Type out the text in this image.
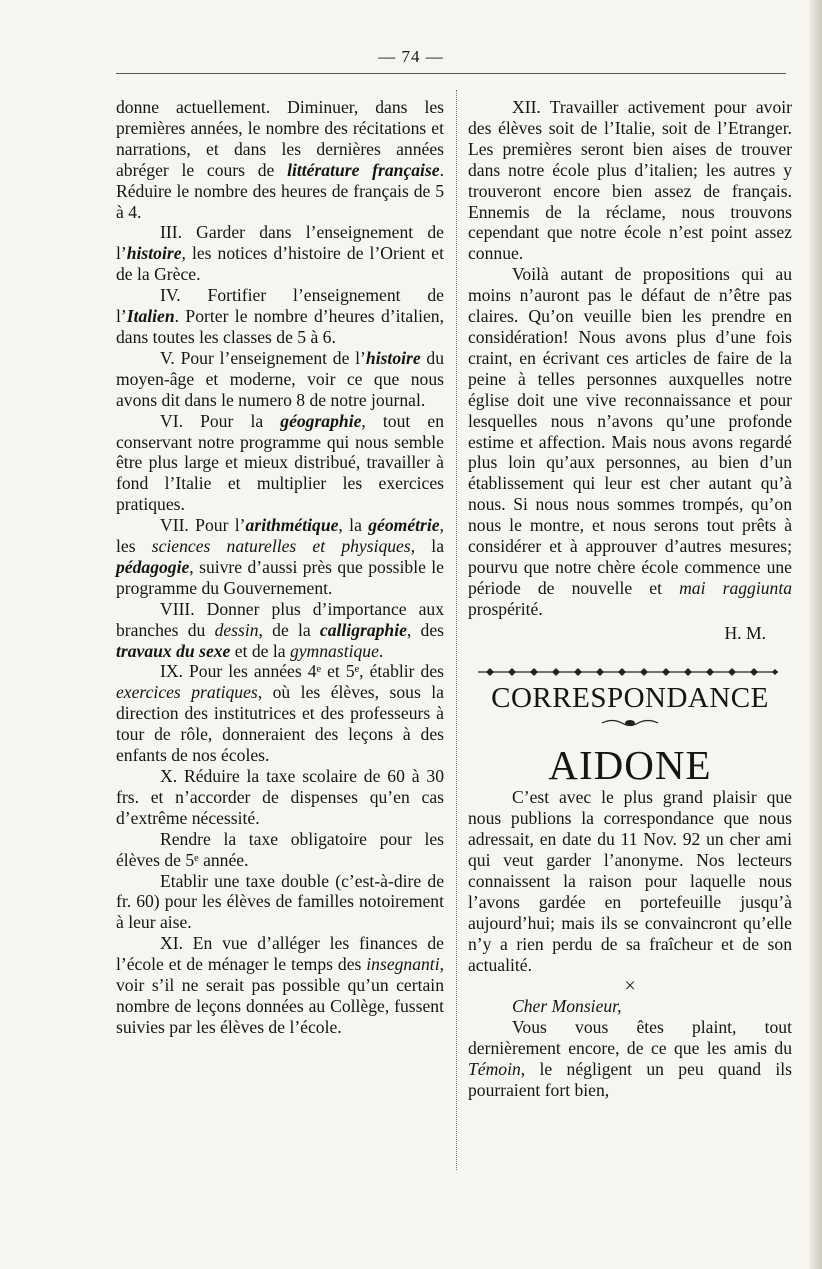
— 74 —

donne actuellement. Diminuer, dans les premières années, le nombre des récitations et narrations, et dans les dernières années abréger le cours de littérature française. Réduire le nombre des heures de français de 5 à 4.

III. Garder dans l’enseignement de l’histoire, les notices d’histoire de l’Orient et de la Grèce.

IV. Fortifier l’enseignement de l’Italien. Porter le nombre d’heures d’italien, dans toutes les classes de 5 à 6.

V. Pour l’enseignement de l’histoire du moyen-âge et moderne, voir ce que nous avons dit dans le numero 8 de notre journal.

VI. Pour la géographie, tout en conservant notre programme qui nous semble être plus large et mieux distribué, travailler à fond l’Italie et multiplier les exercices pratiques.

VII. Pour l’arithmétique, la géométrie, les sciences naturelles et physiques, la pédagogie, suivre d’aussi près que possible le programme du Gouvernement.

VIII. Donner plus d’importance aux branches du dessin, de la calligraphie, des travaux du sexe et de la gymnastique.

IX. Pour les années 4ᵉ et 5ᵉ, établir des exercices pratiques, où les élèves, sous la direction des institutrices et des professeurs à tour de rôle, donneraient des leçons à des enfants de nos écoles.

X. Réduire la taxe scolaire de 60 à 30 frs. et n’accorder de dispenses qu’en cas d’extrême nécessité.

Rendre la taxe obligatoire pour les élèves de 5ᵉ année.

Etablir une taxe double (c’est-à-dire de fr. 60) pour les élèves de familles notoirement à leur aise.

XI. En vue d’alléger les finances de l’école et de ménager le temps des insegnanti, voir s’il ne serait pas possible qu’un certain nombre de leçons données au Collège, fussent suivies par les élèves de l’école.

XII. Travailler activement pour avoir des élèves soit de l’Italie, soit de l’Etranger. Les premières seront bien aises de trouver dans notre école plus d’italien; les autres y trouveront encore bien assez de français. Ennemis de la réclame, nous trouvons cependant que notre école n’est point assez connue.

Voilà autant de propositions qui au moins n’auront pas le défaut de n’être pas claires. Qu’on veuille bien les prendre en considération! Nous avons plus d’une fois craint, en écrivant ces articles de faire de la peine à telles personnes auxquelles notre église doit une vive reconnaissance et pour lesquelles nous n’avons qu’une profonde estime et affection. Mais nous avons regardé plus loin qu’aux personnes, au bien d’un établissement qui leur est cher autant qu’à nous. Si nous nous sommes trompés, qu’on nous le montre, et nous serons tout prêts à considérer et à approuver d’autres mesures; pourvu que notre chère école commence une période de nouvelle et mai raggiunta prospérité.

H. M.

CORRESPONDANCE

AIDONE

C’est avec le plus grand plaisir que nous publions la correspondance que nous adressait, en date du 11 Nov. 92 un cher ami qui veut garder l’anonyme. Nos lecteurs connaissent la raison pour laquelle nous l’avons gardée en portefeuille jusqu’à aujourd’hui; mais ils se convaincront qu’elle n’y a rien perdu de sa fraîcheur et de son actualité.

×

Cher Monsieur,

Vous vous êtes plaint, tout dernièrement encore, de ce que les amis du Témoin, le négligent un peu quand ils pourraient fort bien,
